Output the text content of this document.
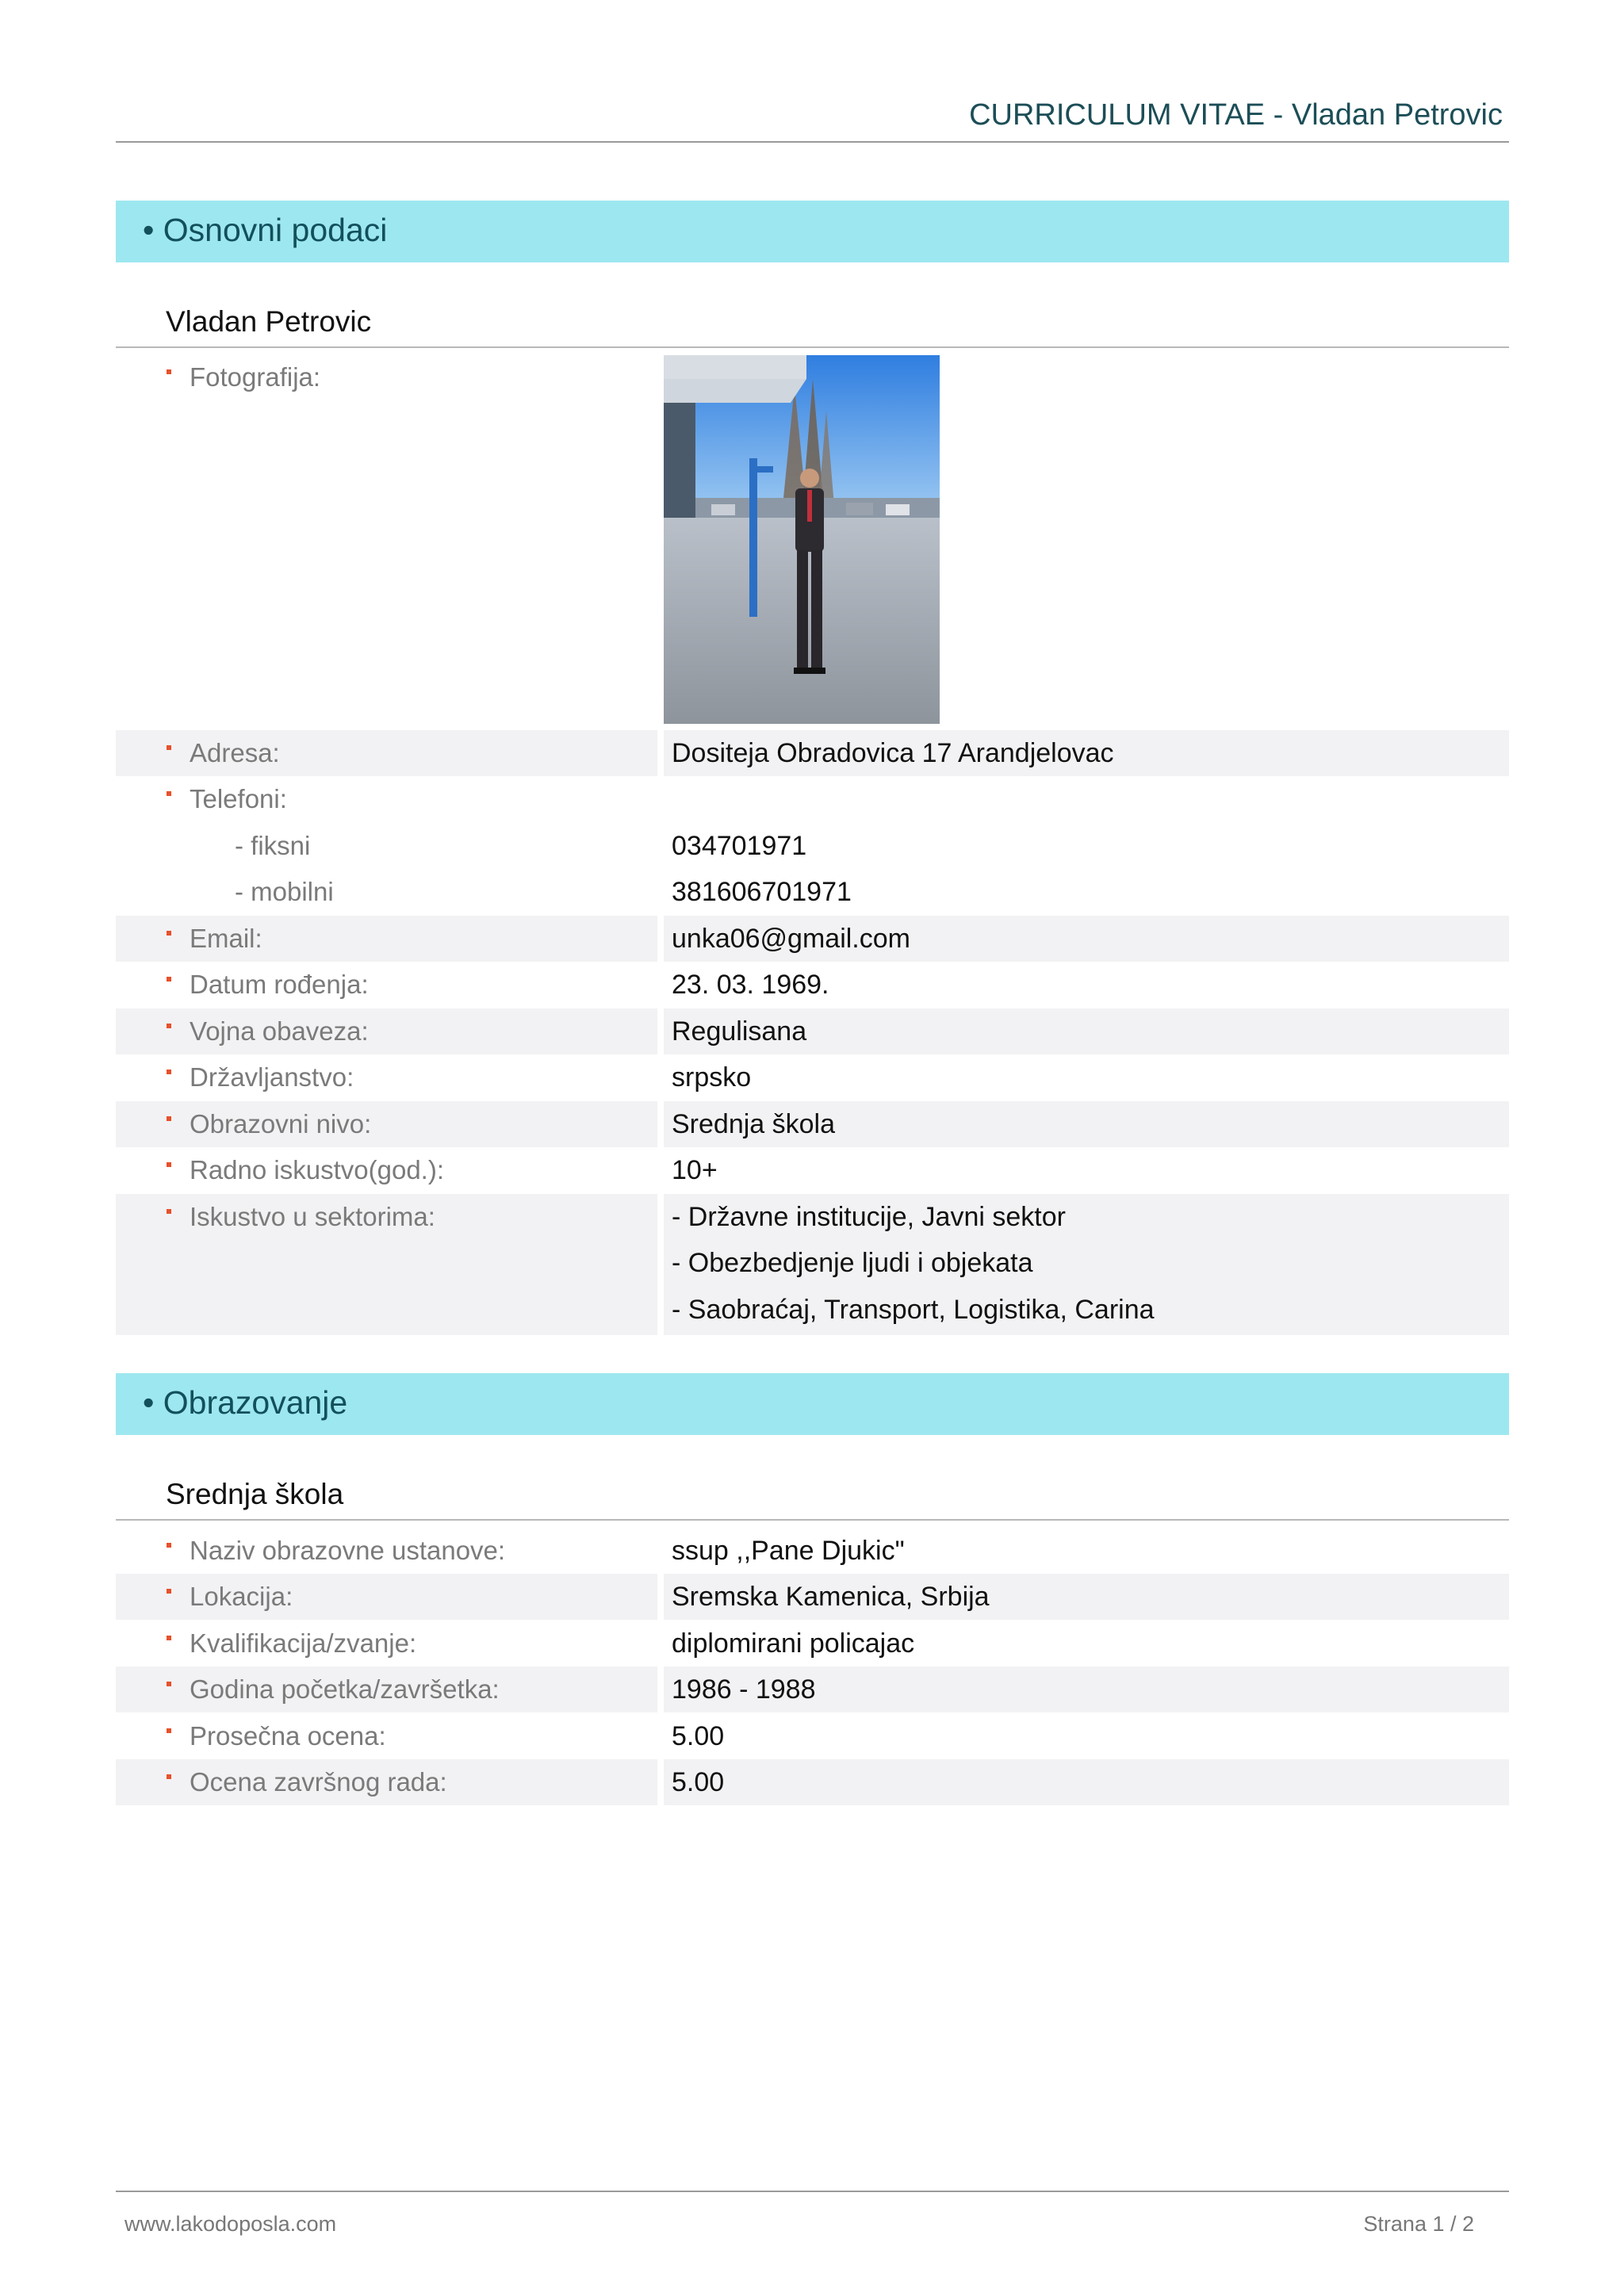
CURRICULUM VITAE - Vladan Petrovic
• Osnovni podaci
Vladan Petrovic
Fotografija:
Adresa:	Dositeja Obradovica 17 Arandjelovac
Telefoni:
- fiksni	034701971
- mobilni	381606701971
Email:	unka06@gmail.com
Datum rođenja:	23. 03. 1969.
Vojna obaveza:	Regulisana
Državljanstvo:	srpsko
Obrazovni nivo:	Srednja škola
Radno iskustvo(god.):	10+
Iskustvo u sektorima:	- Državne institucije, Javni sektor
- Obezbedjenje ljudi i objekata
- Saobraćaj, Transport, Logistika, Carina
• Obrazovanje
Srednja škola
Naziv obrazovne ustanove:	ssup ,,Pane Djukic"
Lokacija:	Sremska Kamenica, Srbija
Kvalifikacija/zvanje:	diplomirani policajac
Godina početka/završetka:	1986 - 1988
Prosečna ocena:	5.00
Ocena završnog rada:	5.00
www.lakodoposla.com	Strana 1 / 2
